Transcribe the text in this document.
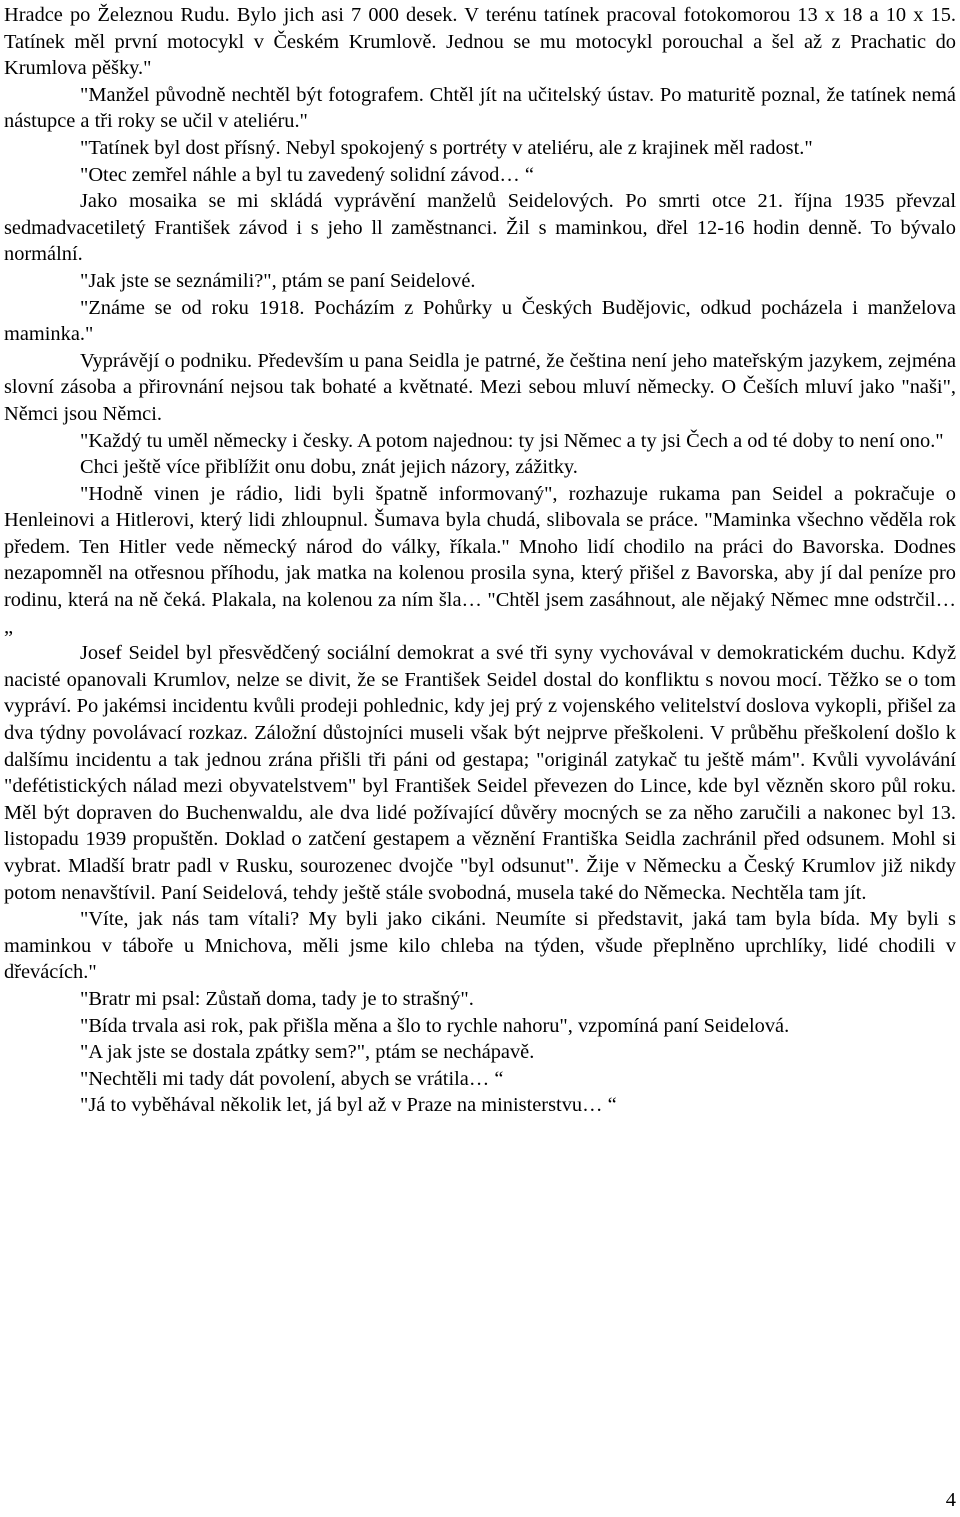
Hradce po Železnou Rudu. Bylo jich asi 7 000 desek. V terénu tatínek pracoval fotokomorou 13 x 18 a 10 x 15. Tatínek měl první motocykl v Českém Krumlově. Jednou se mu motocykl porouchal a šel až z Prachatic do Krumlova pěšky."

"Manžel původně nechtěl být fotografem. Chtěl jít na učitelský ústav. Po maturitě poznal, že tatínek nemá nástupce a tři roky se učil v ateliéru."

"Tatínek byl dost přísný. Nebyl spokojený s portréty v ateliéru, ale z krajinek měl radost."

"Otec zemřel náhle a byl tu zavedený solidní závod… “

Jako mosaika se mi skládá vyprávění manželů Seidelových. Po smrti otce 21. října 1935 převzal sedmadvacetiletý František závod i s jeho ll zaměstnanci. Žil s maminkou, dřel 12-16 hodin denně. To bývalo normální.

"Jak jste se seznámili?", ptám se paní Seidelové.

"Známe se od roku 1918. Pocházím z Pohůrky u Českých Budějovic, odkud pocházela i manželova maminka."

Vyprávějí o podniku. Především u pana Seidla je patrné, že čeština není jeho mateřským jazykem, zejména slovní zásoba a přirovnání nejsou tak bohaté a květnaté. Mezi sebou mluví německy. O Češích mluví jako "naši", Němci jsou Němci.

"Každý tu uměl německy i česky. A potom najednou: ty jsi Němec a ty jsi Čech a od té doby to není ono."

Chci ještě více přiblížit onu dobu, znát jejich názory, zážitky.

"Hodně vinen je rádio, lidi byli špatně informovaný", rozhazuje rukama pan Seidel a pokračuje o Henleinovi a Hitlerovi, který lidi zhloupnul. Šumava byla chudá, slibovala se práce. "Maminka všechno věděla rok předem. Ten Hitler vede německý národ do války, říkala." Mnoho lidí chodilo na práci do Bavorska. Dodnes nezapomněl na otřesnou příhodu, jak matka na kolenou prosila syna, který přišel z Bavorska, aby jí dal peníze pro rodinu, která na ně čeká. Plakala, na kolenou za ním šla… "Chtěl jsem zasáhnout, ale nějaký Němec mne odstrčil… „

Josef Seidel byl přesvědčený sociální demokrat a své tři syny vychovával v demokratickém duchu. Když nacisté opanovali Krumlov, nelze se divit, že se František Seidel dostal do konfliktu s novou mocí. Těžko se o tom vypráví. Po jakémsi incidentu kvůli prodeji pohlednic, kdy jej prý z vojenského velitelství doslova vykopli, přišel za dva týdny povolávací rozkaz. Záložní důstojníci museli však být nejprve přeškoleni. V průběhu přeškolení došlo k dalšímu incidentu a tak jednou zrána přišli tři páni od gestapa; "originál zatykač tu ještě mám". Kvůli vyvolávání "defétistických nálad mezi obyvatelstvem" byl František Seidel převezen do Lince, kde byl vězněn skoro půl roku. Měl být dopraven do Buchenwaldu, ale dva lidé požívající důvěry mocných se za něho zaručili a nakonec byl 13. listopadu 1939 propuštěn. Doklad o zatčení gestapem a věznění Františka Seidla zachránil před odsunem. Mohl si vybrat. Mladší bratr padl v Rusku, sourozenec dvojče "byl odsunut". Žije v Německu a Český Krumlov již nikdy potom nenavštívil. Paní Seidelová, tehdy ještě stále svobodná, musela také do Německa. Nechtěla tam jít.

"Víte, jak nás tam vítali? My byli jako cikáni. Neumíte si představit, jaká tam byla bída. My byli s maminkou v táboře u Mnichova, měli jsme kilo chleba na týden, všude přeplněno uprchlíky, lidé chodili v dřevácích."

"Bratr mi psal: Zůstaň doma, tady je to strašný".

"Bída trvala asi rok, pak přišla měna a šlo to rychle nahoru", vzpomíná paní Seidelová.

"A jak jste se dostala zpátky sem?", ptám se nechápavě.

"Nechtěli mi tady dát povolení, abych se vrátila… “

"Já to vyběhával několik let, já byl až v Praze na ministerstvu… “

4
